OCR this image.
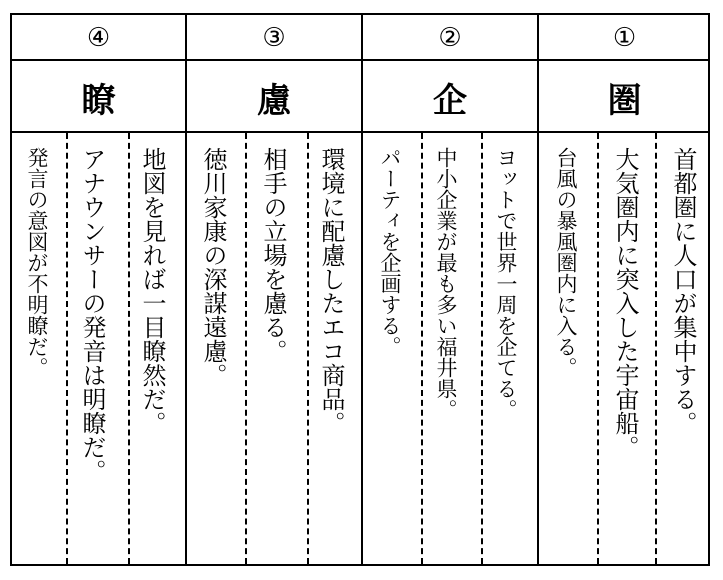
④
瞭
地図を見れば一目瞭然だ。
アナウンサーの発音は明瞭だ。
発言の意図が不明瞭だ。
③
慮
環境に配慮したエコ商品。
相手の立場を慮る。
徳川家康の深謀遠慮。
②
企
ヨットで世界一周を企てる。
中小企業が最も多い福井県。
パーティを企画する。
①
圏
首都圏に人口が集中する。
大気圏内に突入した宇宙船。
台風の暴風圏内に入る。
